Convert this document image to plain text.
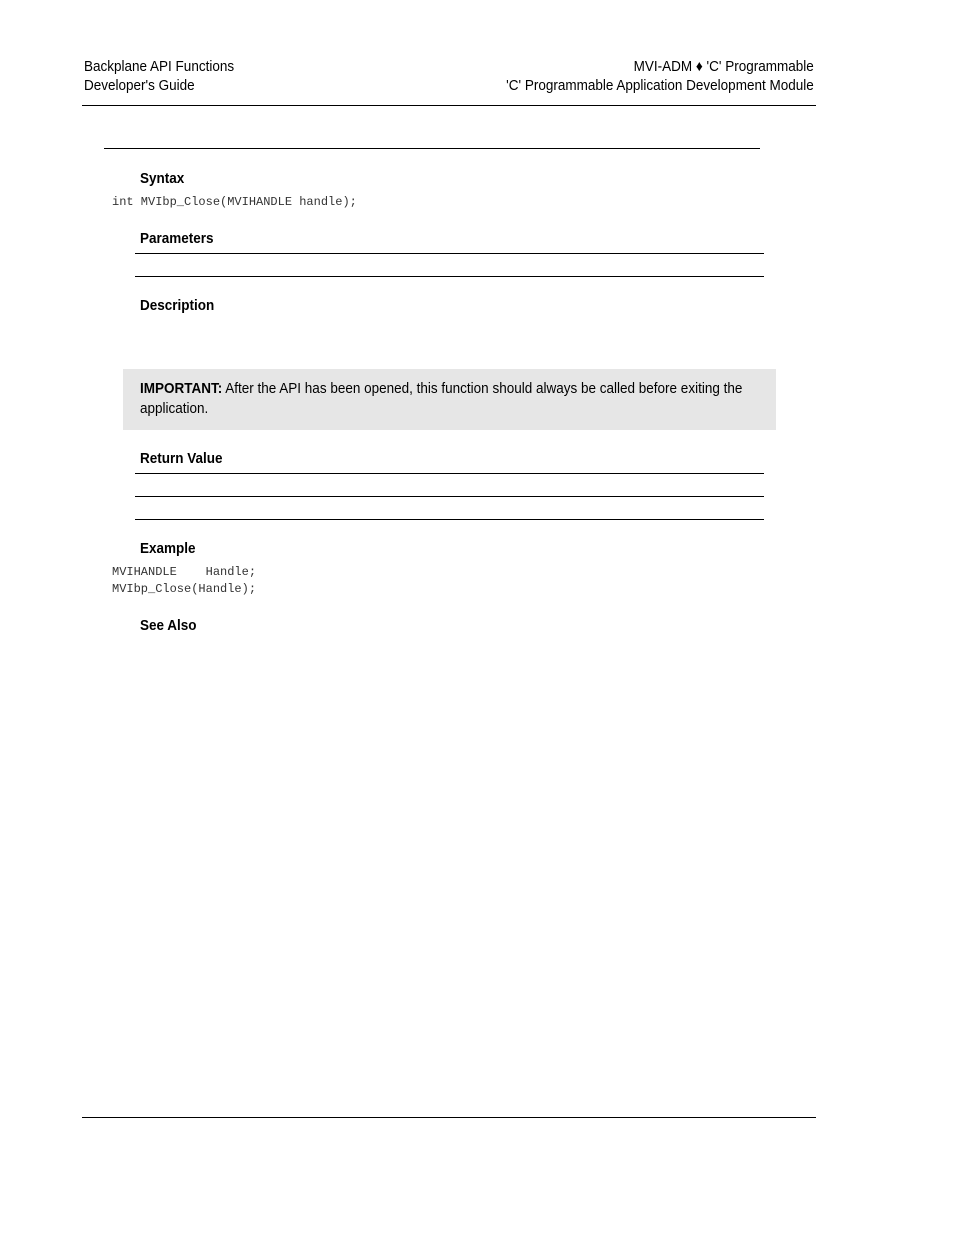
Backplane API Functions
Developer's Guide
MVI-ADM ♦ 'C' Programmable
'C' Programmable Application Development Module
Syntax
int MVIbp_Close(MVIHANDLE handle);
Parameters
Description
IMPORTANT: After the API has been opened, this function should always be called before exiting the application.
Return Value
Example
MVIHANDLE    Handle;
MVIbp_Close(Handle);
See Also
